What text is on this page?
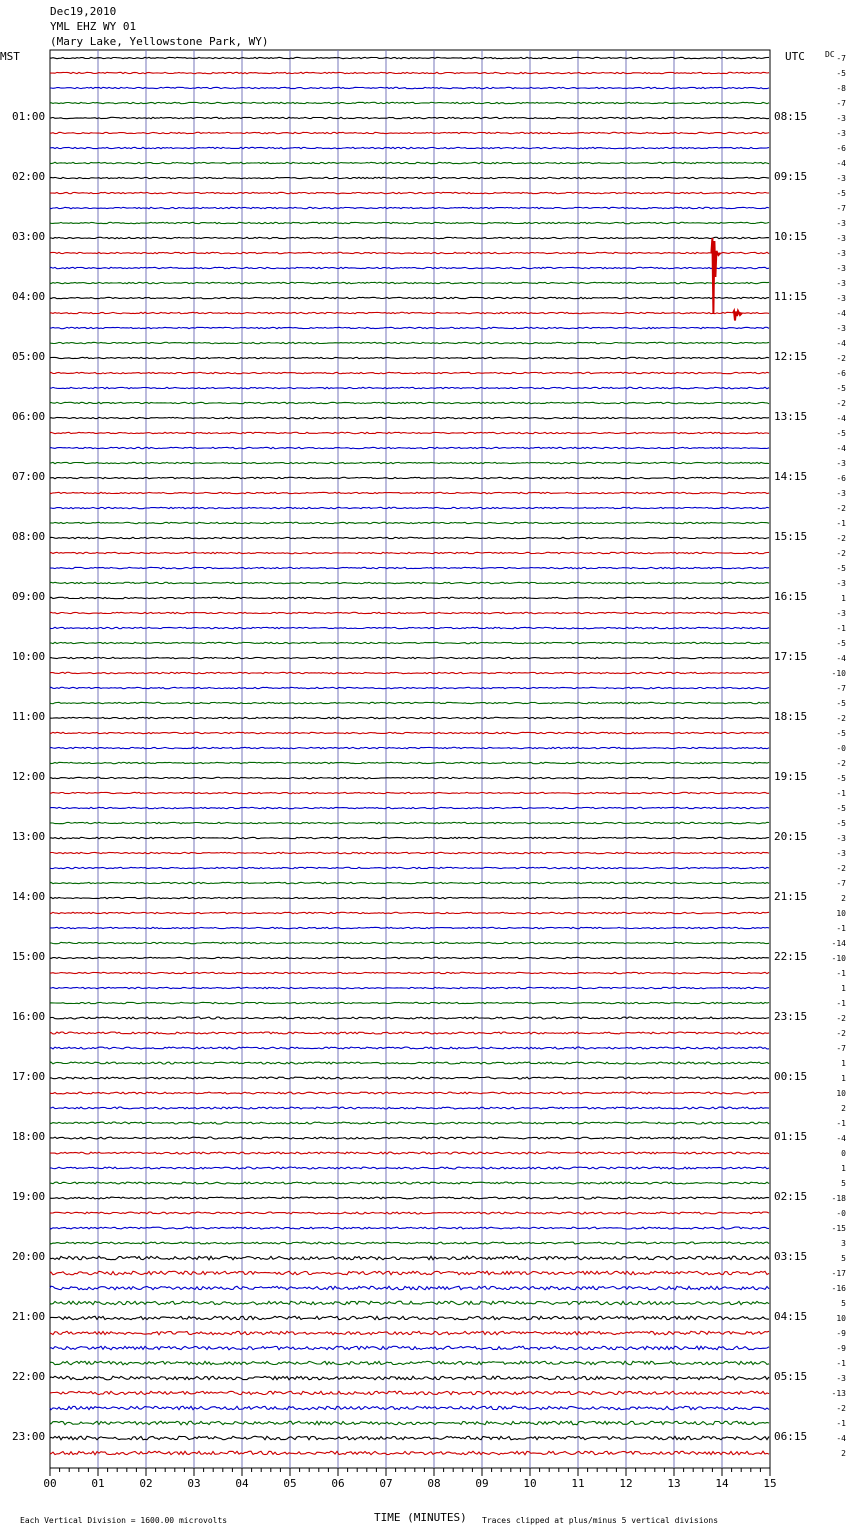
Dec19,2010
YML EHZ WY 01
(Mary Lake, Yellowstone Park, WY)
MST	UTC	DC
01:00
02:00
03:00
04:00
05:00
06:00
07:00
08:00
09:00
10:00
11:00
12:00
13:00
14:00
15:00
16:00
17:00
18:00
19:00
20:00
21:00
22:00
23:00
08:15
09:15
10:15
11:15
12:15
13:15
14:15
15:15
16:15
17:15
18:15
19:15
20:15
21:15
22:15
23:15
00:15
01:15
02:15
03:15
04:15
05:15
06:15
-7
-5
-8
-7
-3
-3
-6
-4
-3
-5
-7
-3
-3
-3
-3
-3
-3
-4
-3
-4
-2
-6
-5
-2
-4
-5
-4
-3
-6
-3
-2
-1
-2
-2
-5
-3
1
-3
-1
-5
-4
-10
-7
-5
-2
-5
-0
-2
-5
-1
-5
-5
-3
-3
-2
-7
2
10
-1
-14
-10
-1
1
-1
-2
-2
-7
1
1
10
2
-1
-4
0
1
5
-18
-0
-15
3
5
-17
-16
5
10
-9
-9
-1
-3
-13
-2
-1
-4
2
00	01	02	03	04	05	06	07	08	09	10	11	12	13	14	15
Each Vertical Division = 1600.00 microvolts	TIME (MINUTES) Traces clipped at plus/minus 5 vertical divisions
